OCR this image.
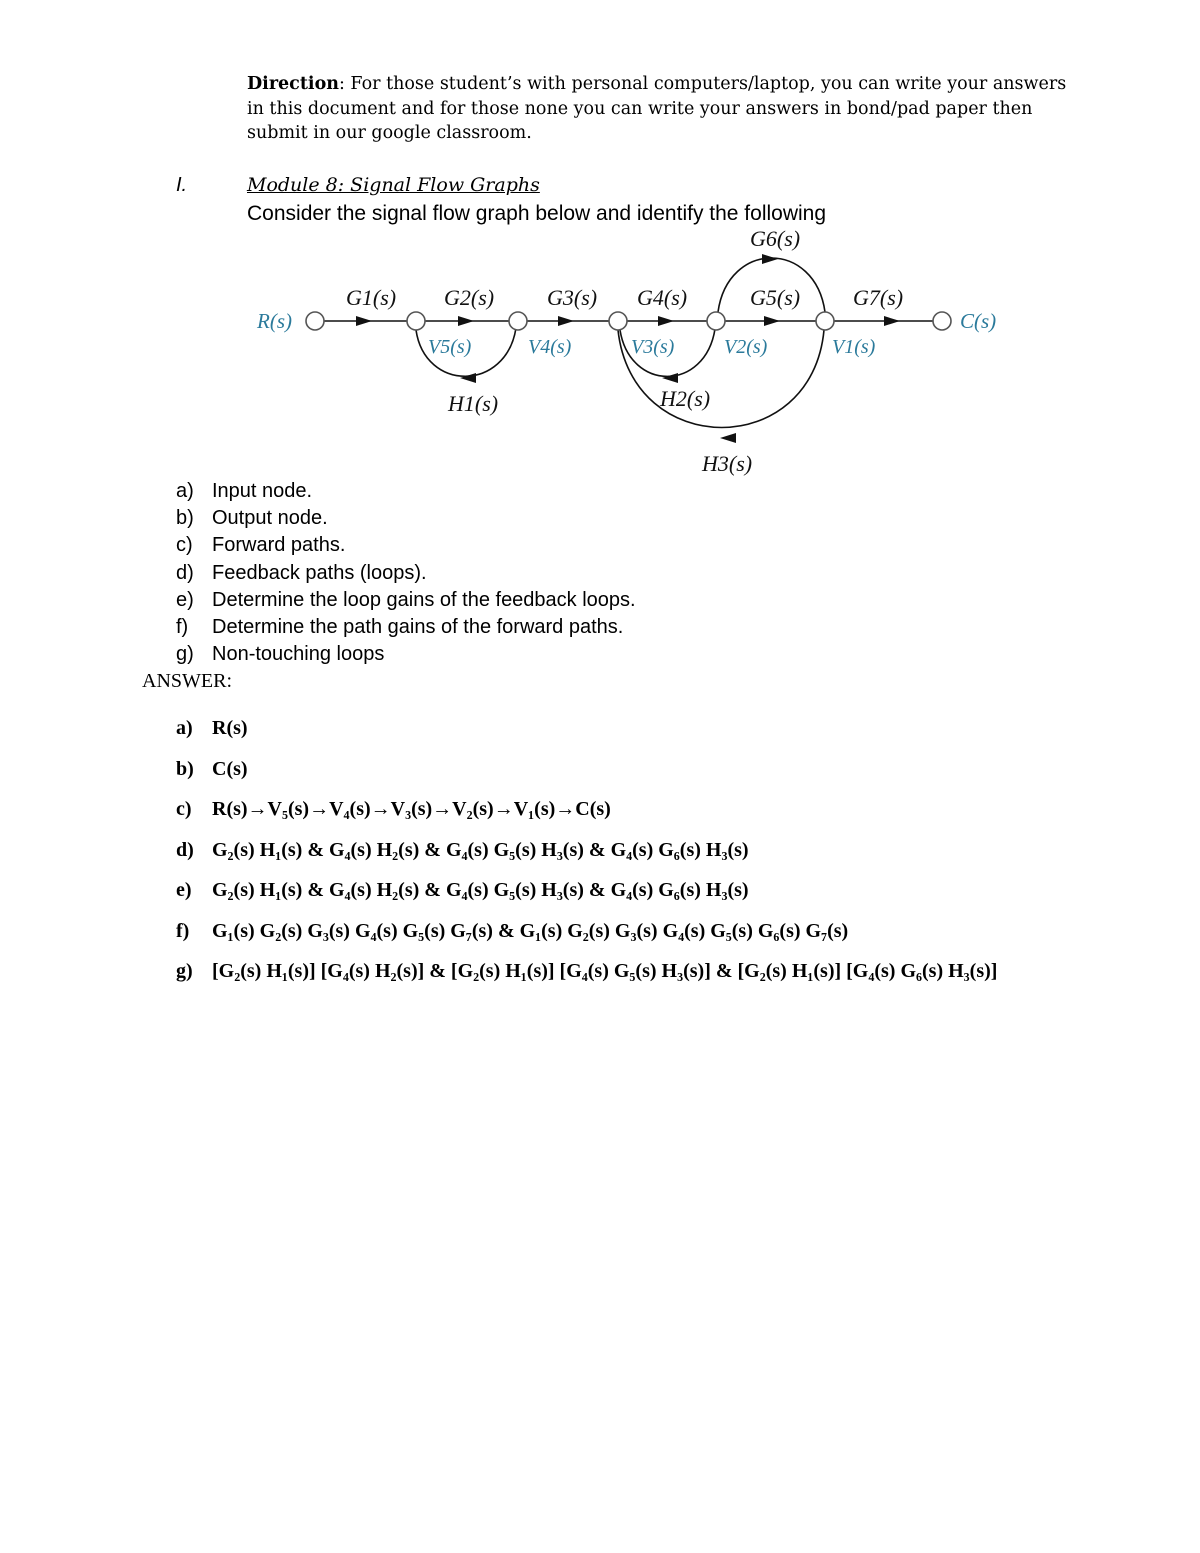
Direction: For those student’s with personal computers/laptop, you can write your answers in this document and for those none you can write your answers in bond/pad paper then submit in our google classroom.
I.	Module 8: Signal Flow Graphs
Consider the signal flow graph below and identify the following
R(s)	C(s)
G1(s) G2(s) G3(s) G4(s)	G5(s)
G6(s)
G7(s)
H1(s)	H2(s)
H3(s)
V5(s)	V4(s)	V3(s) V2(s)	V1(s)
a) Input node.
b) Output node.
c) Forward paths.
d) Feedback paths (loops).
e) Determine the loop gains of the feedback loops.
f)	Determine the path gains of the forward paths.
g) Non-touching loops
ANSWER:
a) R(s)
b) C(s)
c)	R(s)→V₅(s)→V₄(s)→V₃(s)→V₂(s)→V₁(s)→C(s)
d) G₂(s) H₁(s) & G₄(s) H₂(s) & G₄(s) G₅(s) H₃(s) & G₄(s) G₆(s) H₃(s)
e)	G₂(s) H₁(s) & G₄(s) H₂(s) & G₄(s) G₅(s) H₃(s) & G₄(s) G₆(s) H₃(s)
f)	G₁(s) G₂(s) G₃(s) G₄(s) G₅(s) G₇(s) & G₁(s) G₂(s) G₃(s) G₄(s) G₅(s) G₆(s) G₇(s)
g) [G₂(s) H₁(s)] [G₄(s) H₂(s)] & [G₂(s) H₁(s)] [G₄(s) G₅(s) H₃(s)] & [G₂(s) H₁(s)] [G₄(s) G₆(s) H₃(s)]
